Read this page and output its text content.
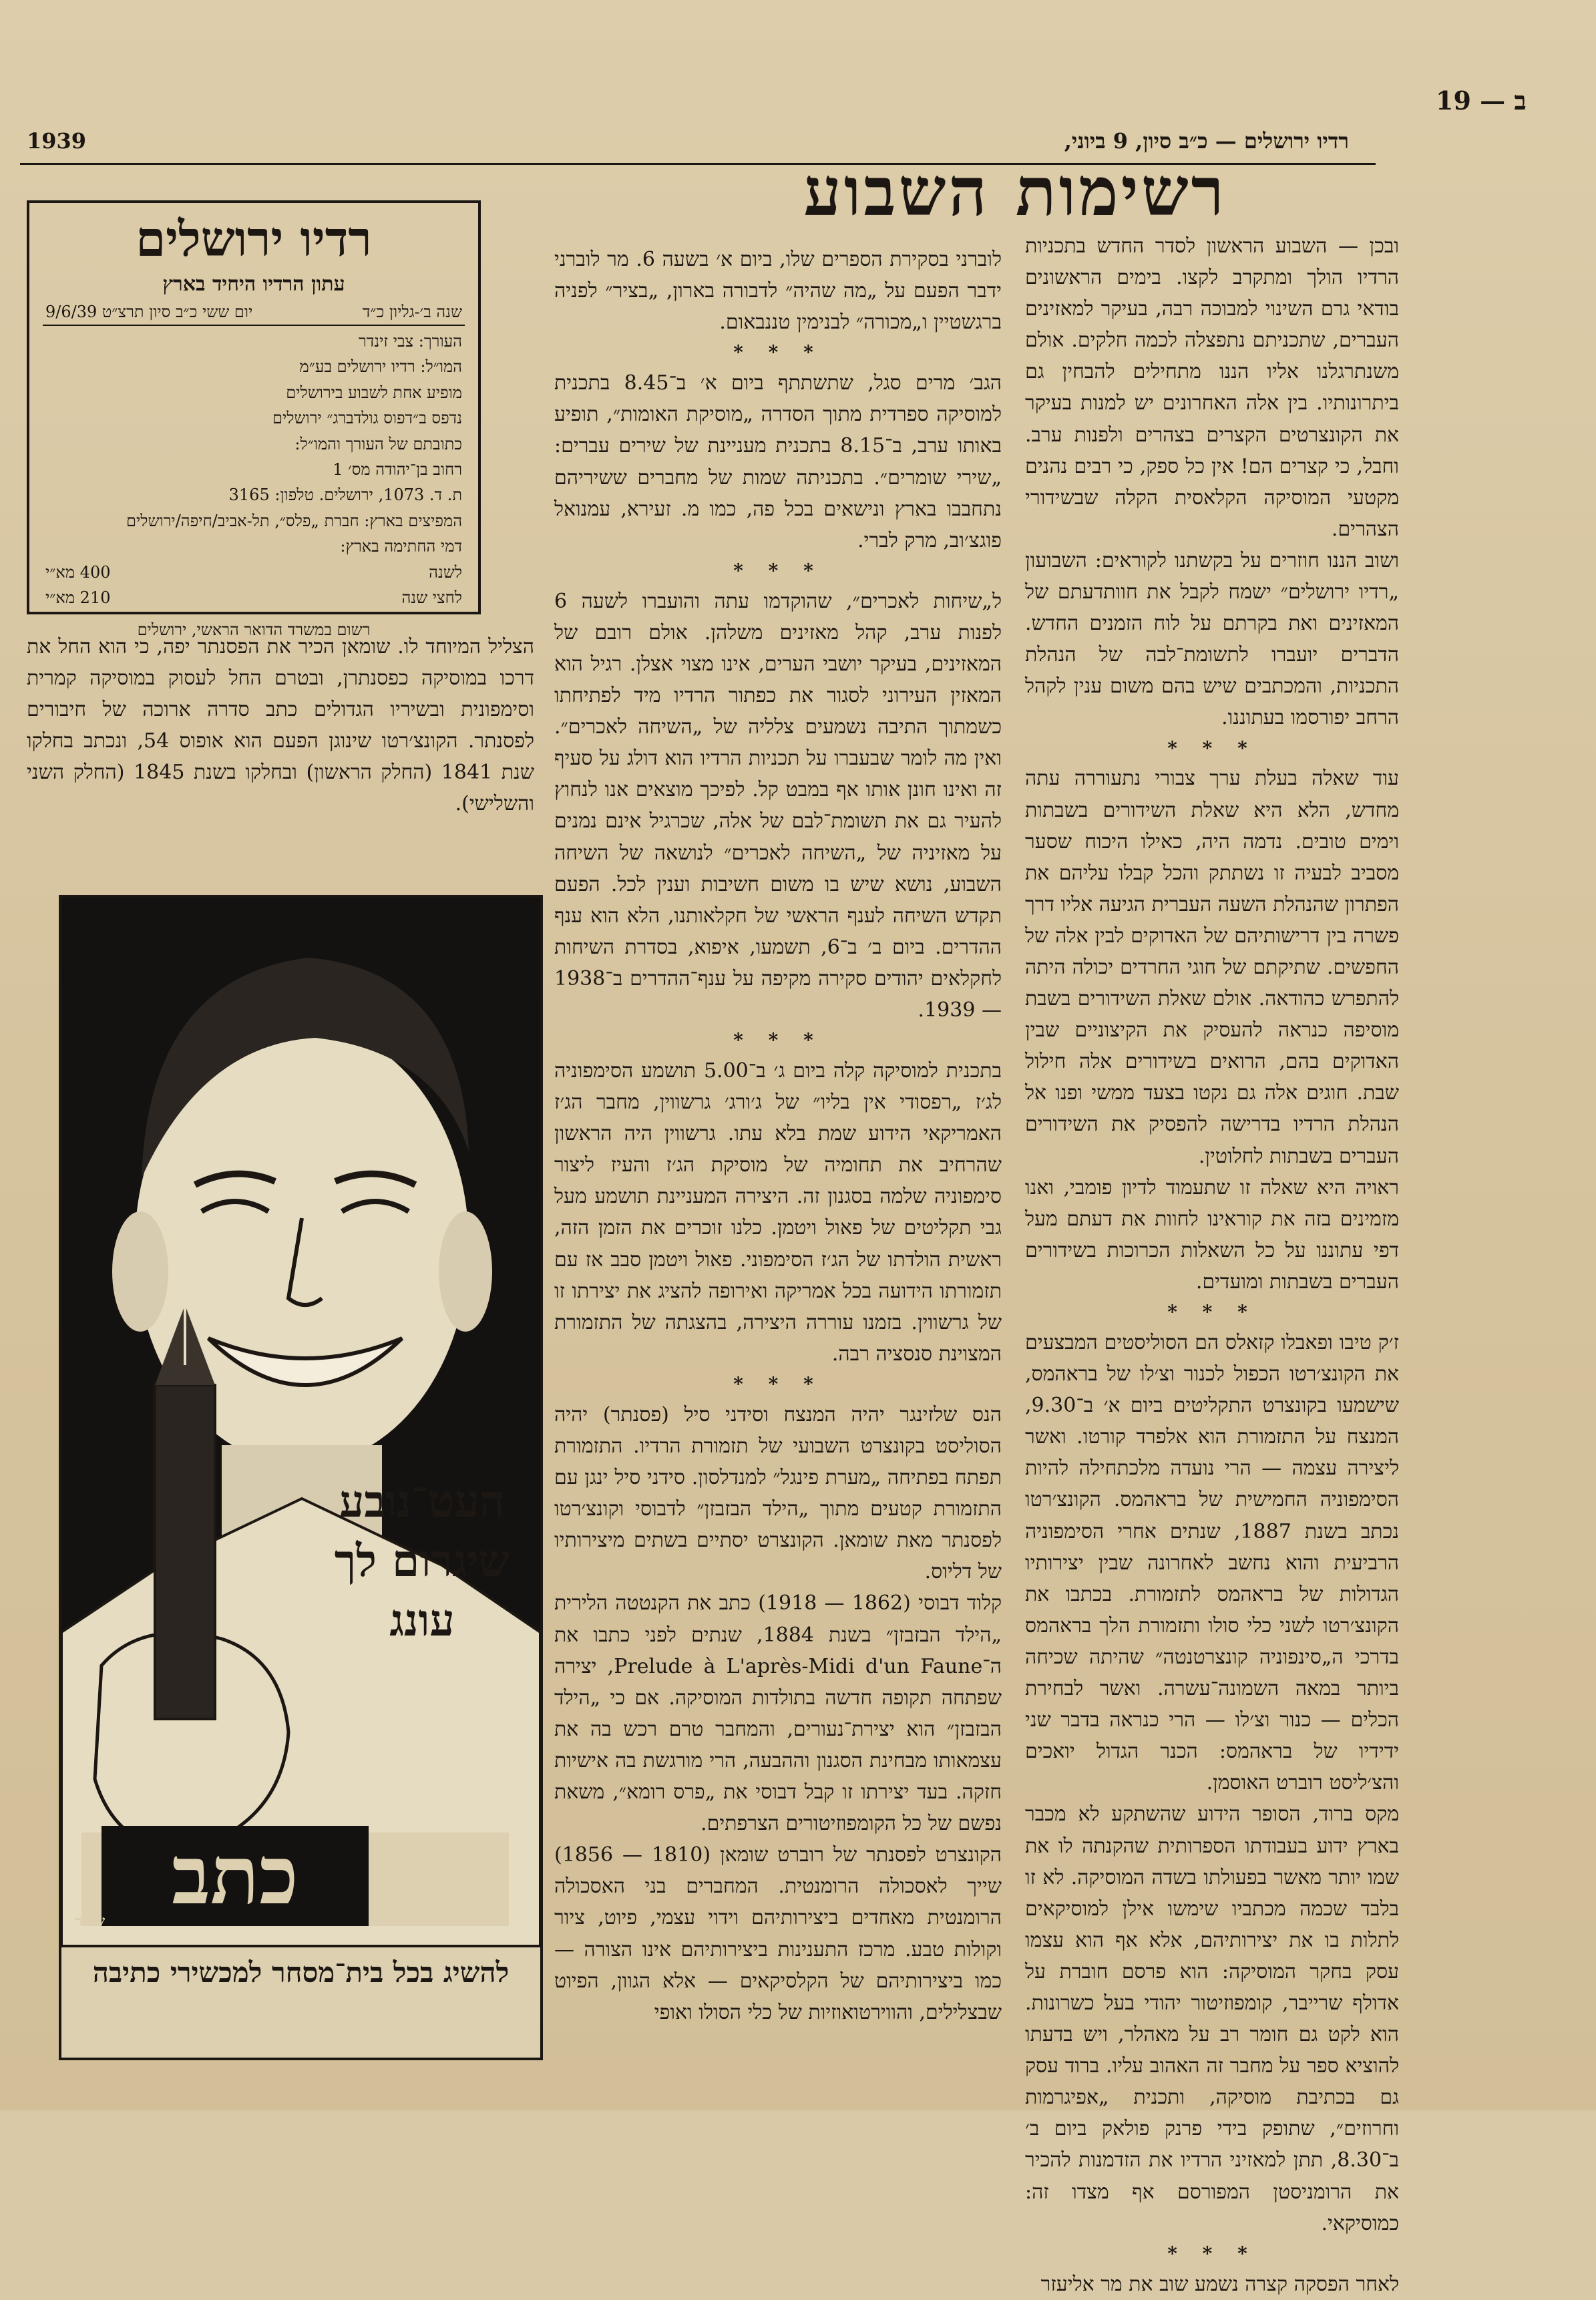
ב — 19
רדיו ירושלים — כ״ב סיון, 9 ביוני,
1939
רשימות השבוע

ובכן — השבוע הראשון לסדר החדש בתכניות הרדיו הולך ומתקרב לקצו. בימים הראשונים בודאי גרם השינוי למבוכה רבה, בעיקר למאזינים העברים, שתכניתם נתפצלה לכמה חלקים. אולם משנתרגלנו אליו הננו מתחילים להבחין גם ביתרונותיו. בין אלה האחרונים יש למנות בעיקר את הקונצרטים הקצרים בצהרים ולפנות ערב. וחבל, כי קצרים הם! אין כל ספק, כי רבים נהנים מקטעי המוסיקה הקלאסית הקלה שבשידורי הצהרים.

ושוב הננו חוזרים על בקשתנו לקוראים: השבועון „רדיו ירושלים״ ישמח לקבל את חוותדעתם של המאזינים ואת בקרתם על לוח הזמנים החדש. הדברים יועברו לתשומת־לבה של הנהלת התכניות, והמכתבים שיש בהם משום ענין לקהל הרחב יפורסמו בעתוננו.

* * *

עוד שאלה בעלת ערך צבורי נתעוררה עתה מחדש, הלא היא שאלת השידורים בשבתות וימים טובים. נדמה היה, כאילו היכוח שסער מסביב לבעיה זו נשתתק והכל קבלו עליהם את הפתרון שהנהלת השעה העברית הגיעה אליו דרך פשרה בין דרישותיהם של האדוקים לבין אלה של החפשים. שתיקתם של חוגי החרדים יכולה היתה להתפרש כהודאה. אולם שאלת השידורים בשבת מוסיפה כנראה להעסיק את הקיצוניים שבין האדוקים בהם, הרואים בשידורים אלה חילול שבת. חוגים אלה גם נקטו בצעד ממשי ופנו אל הנהלת הרדיו בדרישה להפסיק את השידורים העברים בשבתות לחלוטין.

ראויה היא שאלה זו שתעמוד לדיון פומבי, ואנו מזמינים בזה את קוראינו לחוות את דעתם מעל דפי עתוננו על כל השאלות הכרוכות בשידורים העברים בשבתות ומועדים.

* * *

ז׳ק טיבו ופאבלו קזאלס הם הסוליסטים המבצעים את הקונצ׳רטו הכפול לכנור וצ׳לו של בראהמס, שישמעו בקונצרט התקליטים ביום א׳ ב־9.30, המנצח על התזמורת הוא אלפרד קורטו. ואשר ליצירה עצמה — הרי נועדה מלכתחילה להיות הסימפוניה החמישית של בראהמס. הקונצ׳רטו נכתב בשנת 1887, שנתים אחרי הסימפוניה הרביעית והוא נחשב לאחרונה שבין יצירותיו הגדולות של בראהמס לתזמורת. בכתבו את הקונצ׳רטו לשני כלי סולו ותזמורת הלך בראהמס בדרכי ה„סינפוניה קונצרטנטה״ שהיתה שכיחה ביותר במאה השמונה־עשרה. ואשר לבחירת הכלים — כנור וצ׳לו — הרי כנראה בדבר שני ידידיו של בראהמס: הכנר הגדול יואכים והצ׳ליסט רוברט האוסמן.

מקס ברוד, הסופר הידוע שהשתקע לא מכבר בארץ ידוע בעבודתו הספרותית שהקנתה לו את שמו יותר מאשר בפעולתו בשדה המוסיקה. לא זו בלבד שכמה מכתביו שימשו אילן למוסיקאים לתלות בו את יצירותיהם, אלא אף הוא עצמו עסק בחקר המוסיקה: הוא פרסם חוברת על אדולף שרייבר, קומפוזיטור יהודי בעל כשרונות. הוא לקט גם חומר רב על מאהלר, ויש בדעתו להוציא ספר על מחבר זה האהוב עליו. ברוד עסק גם בכתיבת מוסיקה, ותכנית „אפיגרמות וחרוזים״, שתופק בידי פרנק פולאק ביום ב׳ ב־8.30, תתן למאזיני הרדיו את הזדמנות להכיר את הרומניסטן המפורסם אף מצדו זה: כמוסיקאי.

* * *

לאחר הפסקה קצרה נשמע שוב את מר אליעזר

לוברני בסקירת הספרים שלו, ביום א׳ בשעה 6. מר לוברני ידבר הפעם על „מה שהיה״ לדבורה בארון, „בציר״ לפניה ברגשטיין ו„מכורה״ לבנימין טננבאום.

* * *

הגב׳ מרים סגל, שתשתתף ביום א׳ ב־8.45 בתכנית למוסיקה ספרדית מתוך הסדרה „מוסיקת האומות״, תופיע באותו ערב, ב־8.15 בתכנית מעניינת של שירים עברים: „שירי שומרים״. בתכניתה שמות של מחברים ששיריהם נתחבבו בארץ ונישאים בכל פה, כמו מ. זעירא, עמנואל פוגצ׳וב, מרק לברי.

* * *

ל„שיחות לאכרים״, שהוקדמו עתה והועברו לשעה 6 לפנות ערב, קהל מאזינים משלהן. אולם רובם של המאזינים, בעיקר יושבי הערים, אינו מצוי אצלן. רגיל הוא המאזין העירוני לסגור את כפתור הרדיו מיד לפתיחתו כשמתוך התיבה נשמעים צלליה של „השיחה לאכרים״. ואין מה לומר שבעברו על תכניות הרדיו הוא דולג על סעיף זה ואינו חונן אותו אף במבט קל. לפיכך מוצאים אנו לנחוץ להעיר גם את תשומת־לבם של אלה, שכרגיל אינם נמנים על מאזיניה של „השיחה לאכרים״ לנושאה של השיחה השבוע, נושא שיש בו משום חשיבות וענין לכל. הפעם תקדש השיחה לענף הראשי של חקלאותנו, הלא הוא ענף ההדרים. ביום ב׳ ב־6, תשמעו, איפוא, בסדרת השיחות לחקלאים יהודים סקירה מקיפה על ענף־ההדרים ב־1938 — 1939.

* * *

בתכנית למוסיקה קלה ביום ג׳ ב־5.00 תושמע הסימפוניה לג׳ז „רפסודי אין בליו״ של ג׳ורג׳ גרשווין, מחבר הג׳ז האמריקאי הידוע שמת בלא עתו. גרשווין היה הראשון שהרחיב את תחומיה של מוסיקת הג׳ז והעיז ליצור סימפוניה שלמה בסגנון זה. היצירה המעניינת תושמע מעל גבי תקליטים של פאול ויטמן. כלנו זוכרים את הזמן הזה, ראשית הולדתו של הג׳ז הסימפוני. פאול ויטמן סבב אז עם תזמורתו הידועה בכל אמריקה ואירופה להציג את יצירתו זו של גרשווין. בזמנו עוררה היצירה, בהצגתה של התזמורת המצוינת סנסציה רבה.

* * *

הנס שלזינגר יהיה המנצח וסידני סיל (פסנתר) יהיה הסוליסט בקונצרט השבועי של תזמורת הרדיו. התזמורת תפתח בפתיחה „מערת פינגל״ למנדלסון. סידני סיל ינגן עם התזמורת קטעים מתוך „הילד הבזבזן״ לדבוסי וקונצ׳רטו לפסנתר מאת שומאן. הקונצרט יסתיים בשתים מיצירותיו של דליוס.

קלוד דבוסי (1862 — 1918) כתב את הקנטטה הלירית „הילד הבזבזן״ בשנת 1884, שנתים לפני כתבו את ה־Prelude à L'après-Midi d'un Faune, יצירה שפתחה תקופה חדשה בתולדות המוסיקה. אם כי „הילד הבזבזן״ הוא יצירת־נעורים, והמחבר טרם רכש בה את עצמאותו מבחינת הסגנון וההבעה, הרי מורגשת בה אישיות חזקה. בעד יצירתו זו קבל דבוסי את „פרס רומא״, משאת נפשם של כל הקומפוזיטורים הצרפתים.

הקונצרט לפסנתר של רוברט שומאן (1810 — 1856) שייך לאסכולה הרומנטית. המחברים בני האסכולה הרומנטית מאחדים ביצירותיהם וידוי עצמי, פיוט, ציור וקולות טבע. מרכז התענינות ביצירותיהם אינו הצורה — כמו ביצירותיהם של הקלסיקאים — אלא הגוון, הפיוט שבצלילים, והווירטואוזיות של כלי הסולו ואופי

רדיו ירושלים
עתון הרדיו היחיד בארץ
שנה ב׳-גליון כ״ד
יום ששי כ״ב סיון תרצ״ט 9/6/39
העורך: צבי זינדר
המו״ל: רדיו ירושלים בע״מ
מופיע אחת לשבוע בירושלים
נדפס ב״דפוס גולדברג״ ירושלים
כתובתם של העורך והמו״ל:
רחוב בן־יהודה מס׳ 1
ת. ד. 1073, ירושלים. טלפון: 3165
המפיצים בארץ: חברת „פלס״, תל-אביב/חיפה/ירושלים
דמי החתימה בארץ:
לשנה
400 מא״י
לחצי שנה
210 מא״י
רשום במשרד הדואר הראשי, ירושלים

הצליל המיוחד לו. שומאן הכיר את הפסנתר יפה, כי הוא החל את דרכו במוסיקה כפסנתרן, ובטרם החל לעסוק במוסיקה קמרית וסימפונית ובשיריו הגדולים כתב סדרה ארוכה של חיבורים לפסנתר. הקונצ׳רטו שינוגן הפעם הוא אופוס 54, ונכתב בחלקו שנת 1841 (החלק הראשון) ובחלקו בשנת 1845 (החלק השני והשלישי).

העט־נובע שיגרום לך עונג
כתב
שמיר
להשיג בכל בית־מסחר למכשירי כתיבה
